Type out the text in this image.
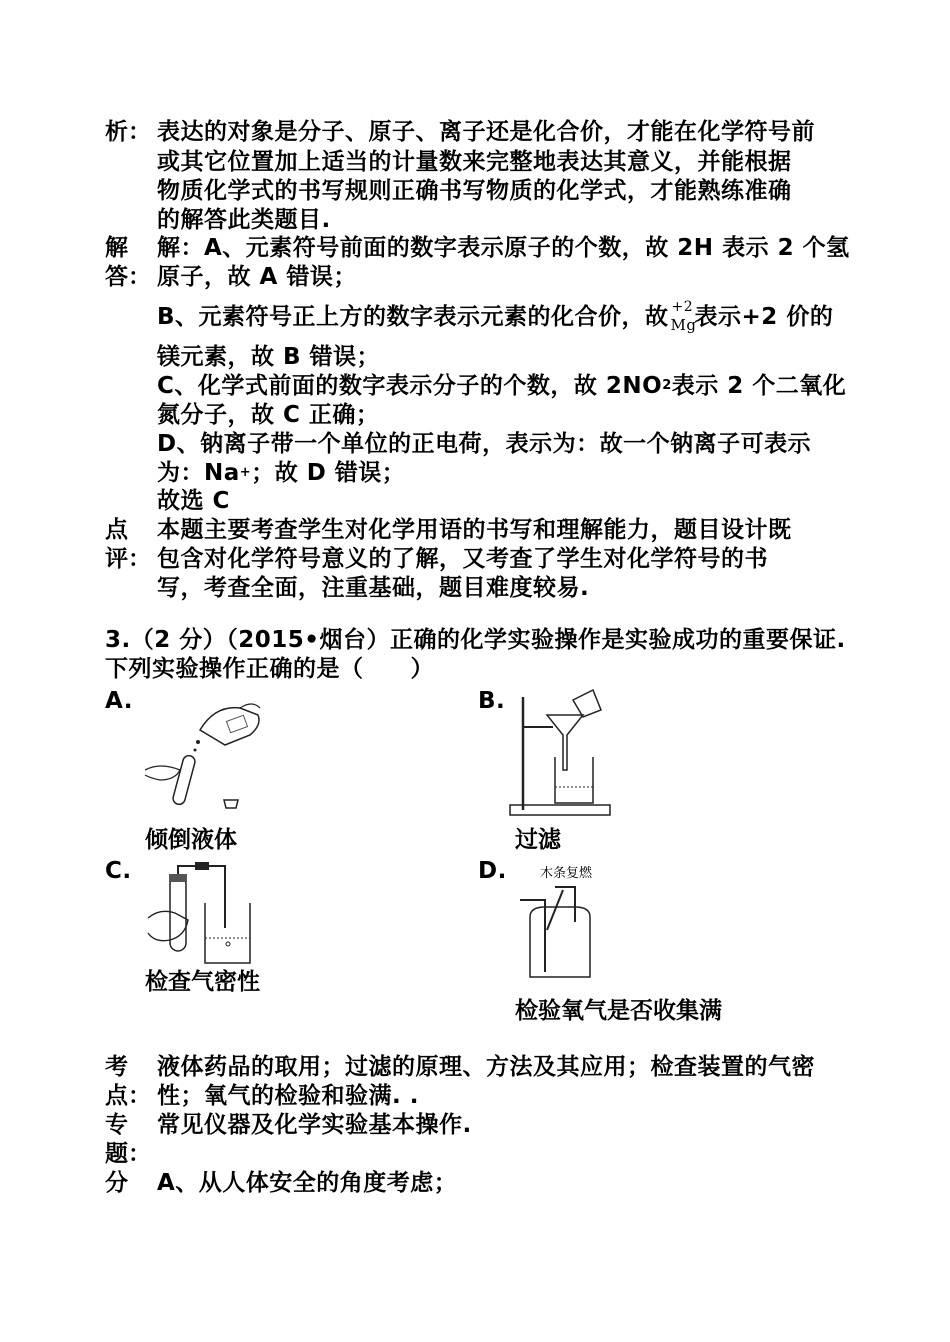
析： 表达的对象是分子、原子、离子还是化合价，才能在化学符号前
或其它位置加上适当的计量数来完整地表达其意义，并能根据
物质化学式的书写规则正确书写物质的化学式，才能熟练准确
的解答此类题目.
解
答：
解：A、元素符号前面的数字表示原子的个数，故 2H 表示 2 个氢
原子，故 A 错误；
B、元素符号正上方的数字表示元素的化合价，故 +2
Mg
表示+2 价的
镁元素，故 B 错误；
C、化学式前面的数字表示分子的个数，故 2NO2表示 2 个二氧化
氮分子，故 C 正确；
D、钠离子带一个单位的正电荷，表示为：故一个钠离子可表示
为：Na+；故 D 错误；
故选 C
点
评：
本题主要考查学生对化学用语的书写和理解能力，题目设计既
包含对化学符号意义的了解，又考查了学生对化学符号的书
写，考查全面，注重基础，题目难度较易.
3.（2 分）（2015•烟台）正确的化学实验操作是实验成功的重要保证.
下列实验操作正确的是（　　）
A.
倾倒液体
B.
过滤
C.
检查气密性
D.	木条复燃
检验氧气是否收集满
考
点：
液体药品的取用；过滤的原理、方法及其应用；检查装置的气密
性；氧气的检验和验满. .
专
题：
常见仪器及化学实验基本操作.
分	A、从人体安全的角度考虑；
